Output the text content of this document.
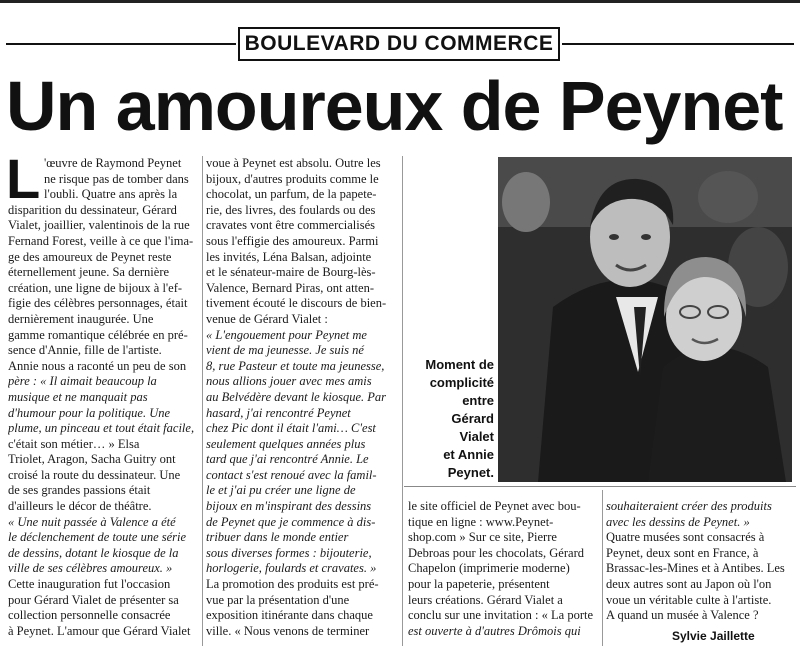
BOULEVARD DU COMMERCE
Un amoureux de Peynet
L 'œuvre de Raymond Peynet
ne risque pas de tomber dans
l'oubli. Quatre ans après la
disparition du dessinateur, Gérard
Vialet, joaillier, valentinois de la rue
Fernand Forest, veille à ce que l'ima-
ge des amoureux de Peynet reste
éternellement jeune. Sa dernière
création, une ligne de bijoux à l'ef-
figie des célèbres personnages, était
dernièrement inaugurée. Une
gamme romantique célébrée en pré-
sence d'Annie, fille de l'artiste.
Annie nous a raconté un peu de son
père : « Il aimait beaucoup la
musique et ne manquait pas
d'humour pour la politique. Une
plume, un pinceau et tout était facile,
c'était son métier… » Elsa
Triolet, Aragon, Sacha Guitry ont
croisé la route du dessinateur. Une
de ses grandes passions était
d'ailleurs le décor de théâtre.
« Une nuit passée à Valence a été
le déclenchement de toute une série
de dessins, dotant le kiosque de la
ville de ses célèbres amoureux. »
Cette inauguration fut l'occasion
pour Gérard Vialet de présenter sa
collection personnelle consacrée
à Peynet. L'amour que Gérard Vialet
voue à Peynet est absolu. Outre les
bijoux, d'autres produits comme le
chocolat, un parfum, de la papete-
rie, des livres, des foulards ou des
cravates vont être commercialisés
sous l'effigie des amoureux. Parmi
les invités, Léna Balsan, adjointe
et le sénateur-maire de Bourg-lès-
Valence, Bernard Piras, ont atten-
tivement écouté le discours de bien-
venue de Gérard Vialet :
« L'engouement pour Peynet me
vient de ma jeunesse. Je suis né
8, rue Pasteur et toute ma jeunesse,
nous allions jouer avec mes amis
au Belvédère devant le kiosque. Par
hasard, j'ai rencontré Peynet
chez Pic dont il était l'ami… C'est
seulement quelques années plus
tard que j'ai rencontré Annie. Le
contact s'est renoué avec la famil-
le et j'ai pu créer une ligne de
bijoux en m'inspirant des dessins
de Peynet que je commence à dis-
tribuer dans le monde entier
sous diverses formes : bijouterie,
horlogerie, foulards et cravates. »
La promotion des produits est pré-
vue par la présentation d'une
exposition itinérante dans chaque
ville. « Nous venons de terminer
le site officiel de Peynet avec bou-
tique en ligne : www.Peynet-
shop.com » Sur ce site, Pierre
Debroas pour les chocolats, Gérard
Chapelon (imprimerie moderne)
pour la papeterie, présentent
leurs créations. Gérard Vialet a
conclu sur une invitation : « La porte
est ouverte à d'autres Drômois qui
souhaiteraient créer des produits
avec les dessins de Peynet. »
Quatre musées sont consacrés à
Peynet, deux sont en France, à
Brassac-les-Mines et à Antibes. Les
deux autres sont au Japon où l'on
voue un véritable culte à l'artiste.
A quand un musée à Valence ?
Moment de
complicité
entre
Gérard
Vialet
et Annie
Peynet.
Sylvie Jaillette
